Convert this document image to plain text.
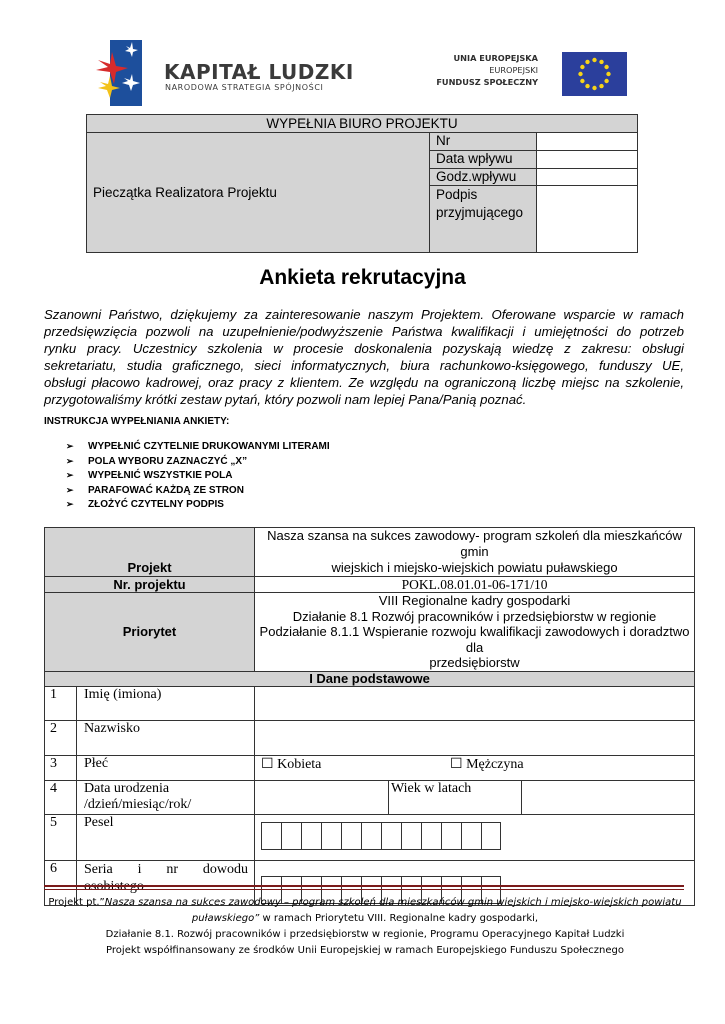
KAPITAŁ LUDZKI
NARODOWA STRATEGIA SPÓJNOŚCI
UNIA EUROPEJSKA
EUROPEJSKI
FUNDUSZ SPOŁECZNY
WYPEŁNIA BIURO PROJEKTU		

Pieczątka Realizatora Projektu	Nr	
	Data wpływu	
	Godz.wpływu	

	Podpis
przyjmującego	

Ankieta rekrutacyjna
Szanowni Państwo, dziękujemy za zainteresowanie naszym Projektem. Oferowane wsparcie w ramach
przedsięwzięcia pozwoli na uzupełnienie/podwyższenie Państwa kwalifikacji i umiejętności do potrzeb
rynku pracy. Uczestnicy szkolenia w procesie doskonalenia pozyskają wiedzę z zakresu: obsługi
sekretariatu, studia graficznego, sieci informatycznych, biura rachunkowo-księgowego, funduszy UE,
obsługi płacowo kadrowej, oraz pracy z klientem. Ze względu na ograniczoną liczbę miejsc na szkolenie,
przygotowaliśmy krótki zestaw pytań, który pozwoli nam lepiej Pana/Panią poznać.
INSTRUKCJA WYPEŁNIANIA ANKIETY:
➢ WYPEŁNIĆ CZYTELNIE DRUKOWANYMI LITERAMI
➢ POLA WYBORU ZAZNACZYĆ „X”
➢ WYPEŁNIĆ WSZYSTKIE POLA
➢ PARAFOWAĆ KAŻDĄ ZE STRON
➢ ZŁOŻYĆ CZYTELNY PODPIS
Projekt		Nasza szansa na sukces zawodowy- program szkoleń dla mieszkańców gmin
wiejskich i miejsko-wiejskich powiatu puławskiego		

Nr. projektu		POKL.08.01.01-06-171/10		
Priorytet		VIII Regionalne kadry gospodarki
Działanie 8.1 Rozwój pracowników i przedsiębiorstw w regionie
Podziałanie 8.1.1 Wspieranie rozwoju kwalifikacji zawodowych i doradztwo dla
przedsiębiorstw		

I Dane podstawowe				
1	Imię (imiona)			
2	Nazwisko			
3	Płeć	☐ Kobieta ☐ Mężczyna		

4	Data urodzenia
/dzień/miesiąc/rok/		Wiek w latach	
5	Pesel			

6	Seria i nr dowodu
osobistego			

Projekt pt.”Nasza szansa na sukces zawodowy – program szkoleń dla mieszkańców gmin wiejskich i miejsko-wiejskich powiatu
puławskiego” w ramach Priorytetu VIII. Regionalne kadry gospodarki,
Działanie 8.1. Rozwój pracowników i przedsiębiorstw w regionie, Programu Operacyjnego Kapitał Ludzki
Projekt współfinansowany ze środków Unii Europejskiej w ramach Europejskiego Funduszu Społecznego
